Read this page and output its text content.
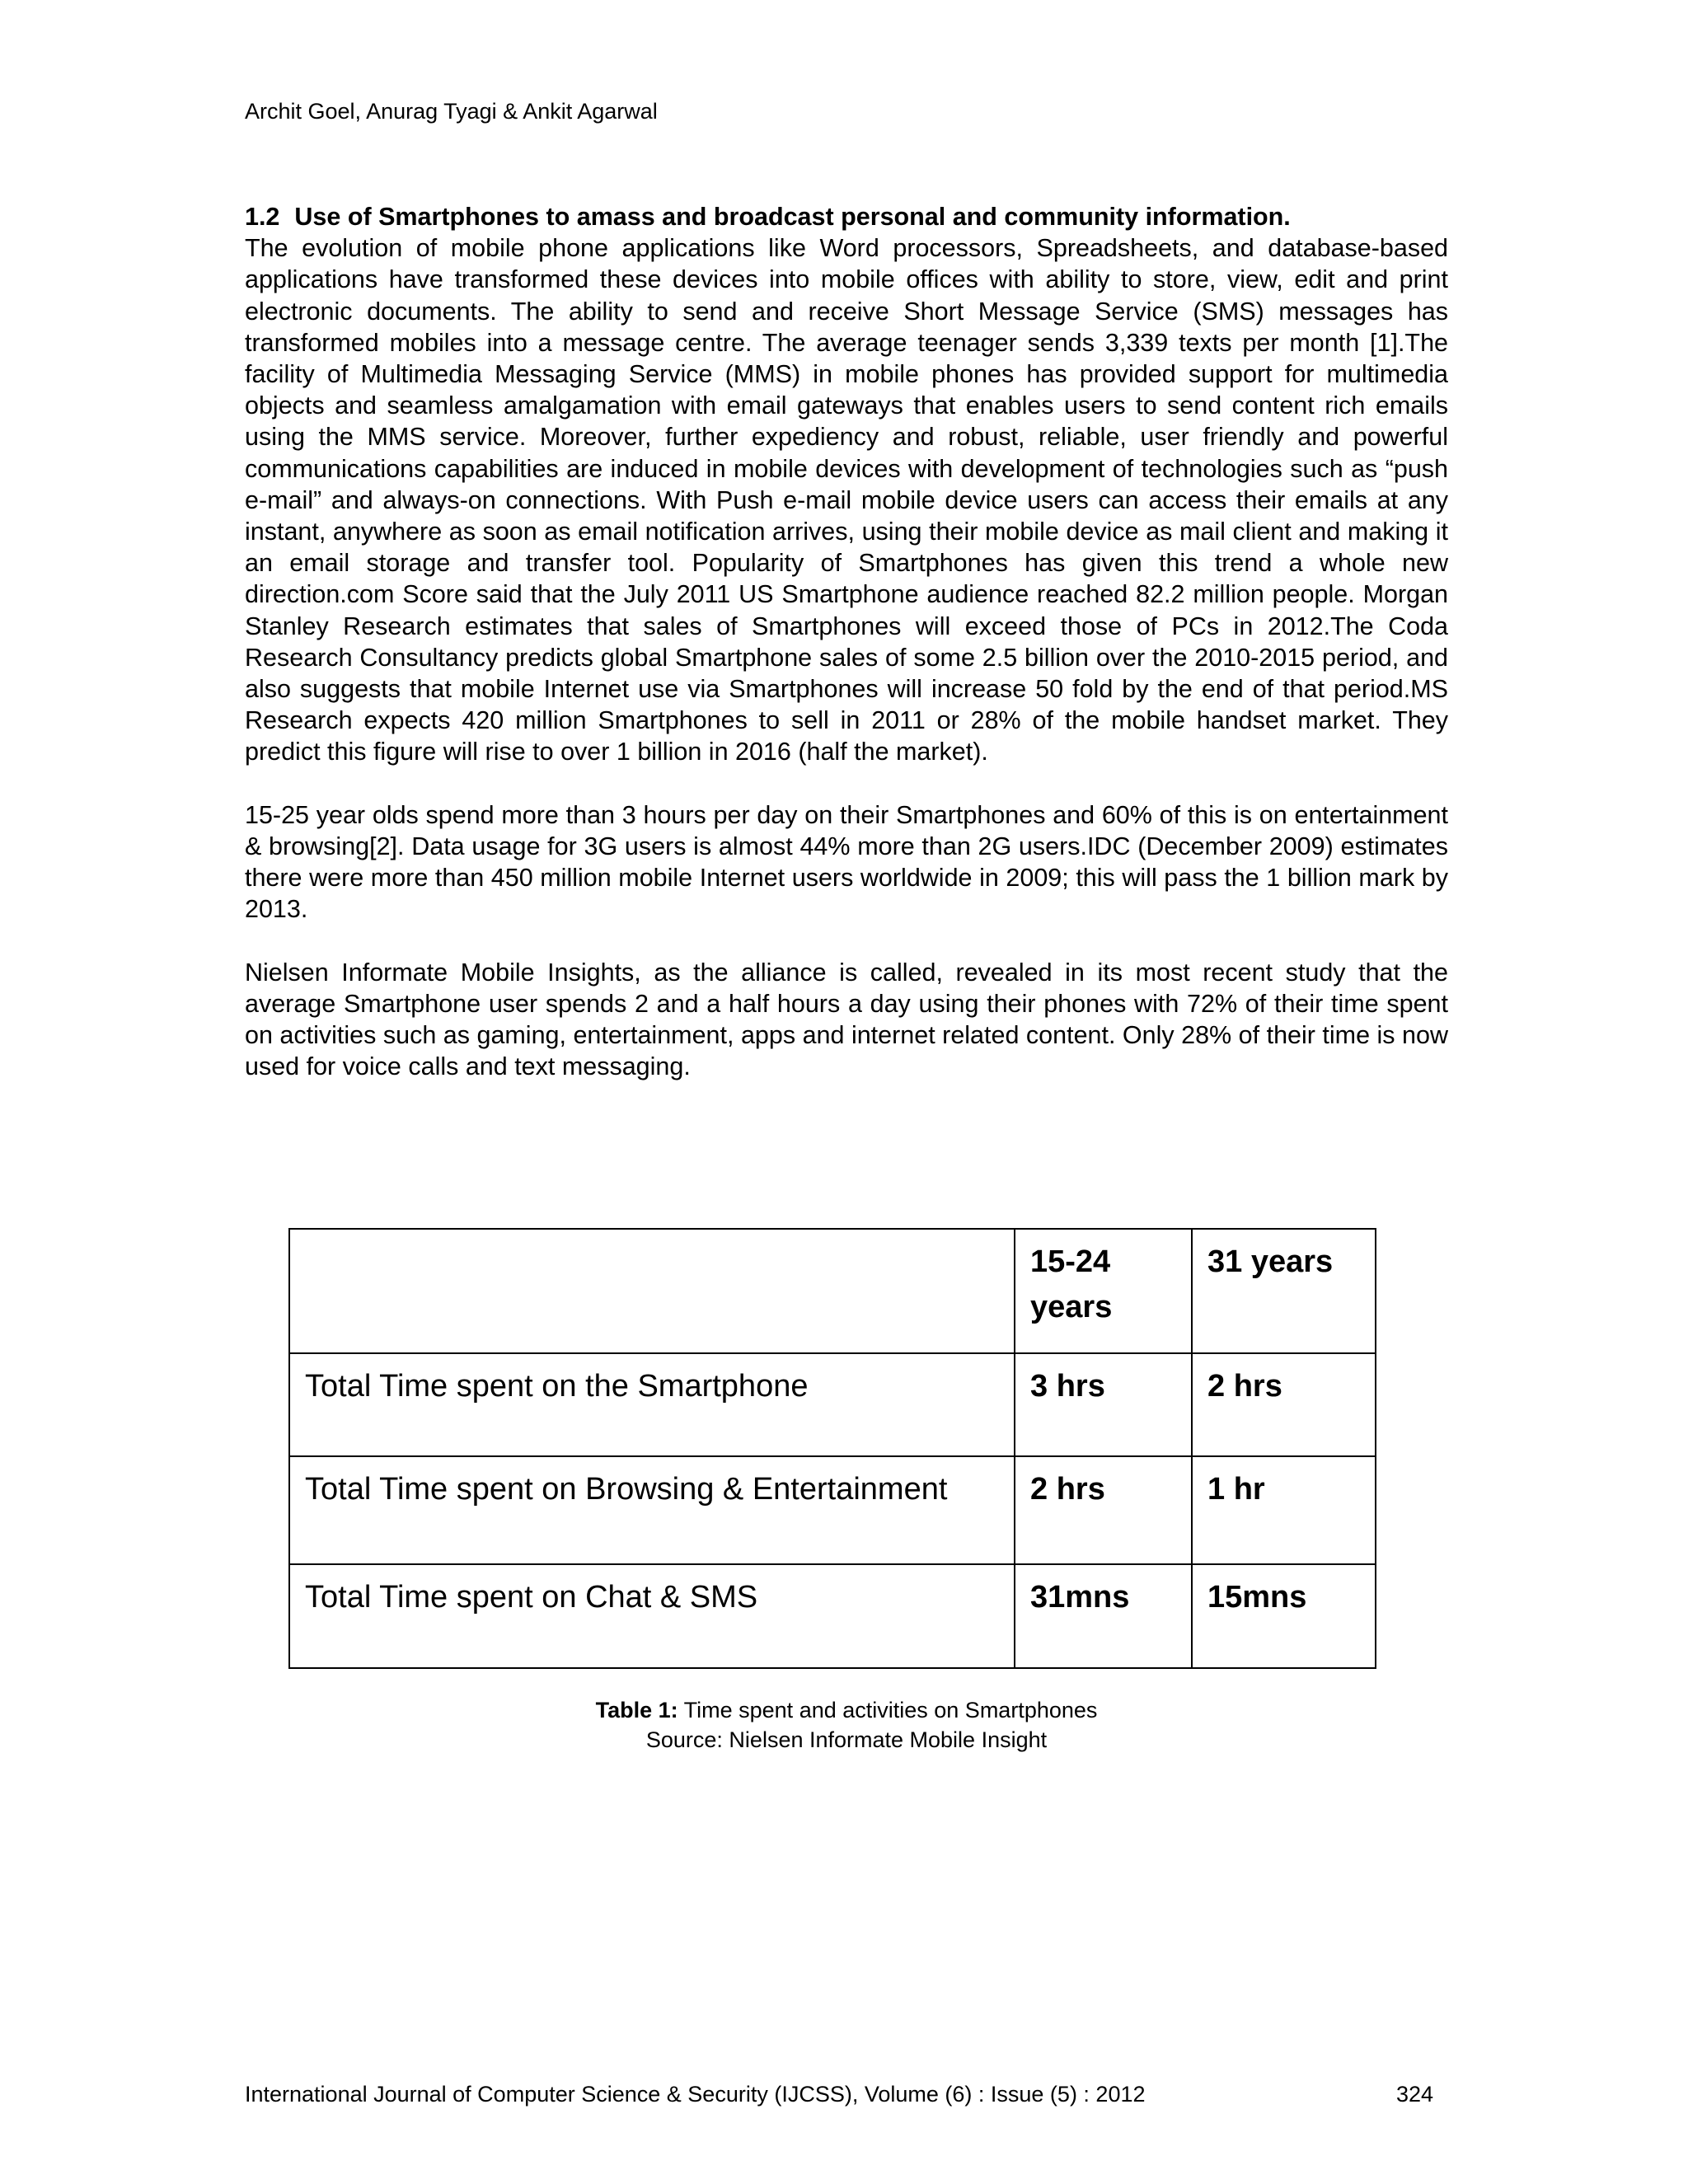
Archit Goel, Anurag Tyagi & Ankit Agarwal
1.2 Use of Smartphones to amass and broadcast personal and community information.

The evolution of mobile phone applications like Word processors, Spreadsheets, and database-based applications have transformed these devices into mobile offices with ability to store, view, edit and print electronic documents. The ability to send and receive Short Message Service (SMS) messages has transformed mobiles into a message centre. The average teenager sends 3,339 texts per month [1].The facility of Multimedia Messaging Service (MMS) in mobile phones has provided support for multimedia objects and seamless amalgamation with email gateways that enables users to send content rich emails using the MMS service. Moreover, further expediency and robust, reliable, user friendly and powerful communications capabilities are induced in mobile devices with development of technologies such as “push e-mail” and always-on connections. With Push e-mail mobile device users can access their emails at any instant, anywhere as soon as email notification arrives, using their mobile device as mail client and making it an email storage and transfer tool. Popularity of Smartphones has given this trend a whole new direction.com Score said that the July 2011 US Smartphone audience reached 82.2 million people. Morgan Stanley Research estimates that sales of Smartphones will exceed those of PCs in 2012.The Coda Research Consultancy predicts global Smartphone sales of some 2.5 billion over the 2010-2015 period, and also suggests that mobile Internet use via Smartphones will increase 50 fold by the end of that period.MS Research expects 420 million Smartphones to sell in 2011 or 28% of the mobile handset market. They predict this figure will rise to over 1 billion in 2016 (half the market).

15-25 year olds spend more than 3 hours per day on their Smartphones and 60% of this is on entertainment & browsing[2]. Data usage for 3G users is almost 44% more than 2G users.IDC (December 2009) estimates there were more than 450 million mobile Internet users worldwide in 2009; this will pass the 1 billion mark by 2013.

Nielsen Informate Mobile Insights, as the alliance is called, revealed in its most recent study that the average Smartphone user spends 2 and a half hours a day using their phones with 72% of their time spent on activities such as gaming, entertainment, apps and internet related content. Only 28% of their time is now used for voice calls and text messaging.

	15-24 years	31 years
Total Time spent on the Smartphone	3 hrs	2 hrs
Total Time spent on Browsing & Entertainment	2 hrs	1 hr
Total Time spent on Chat & SMS	31mns	15mns
Table 1: Time spent and activities on Smartphones
Source: Nielsen Informate Mobile Insight
International Journal of Computer Science & Security (IJCSS), Volume (6) : Issue (5) : 2012	324
